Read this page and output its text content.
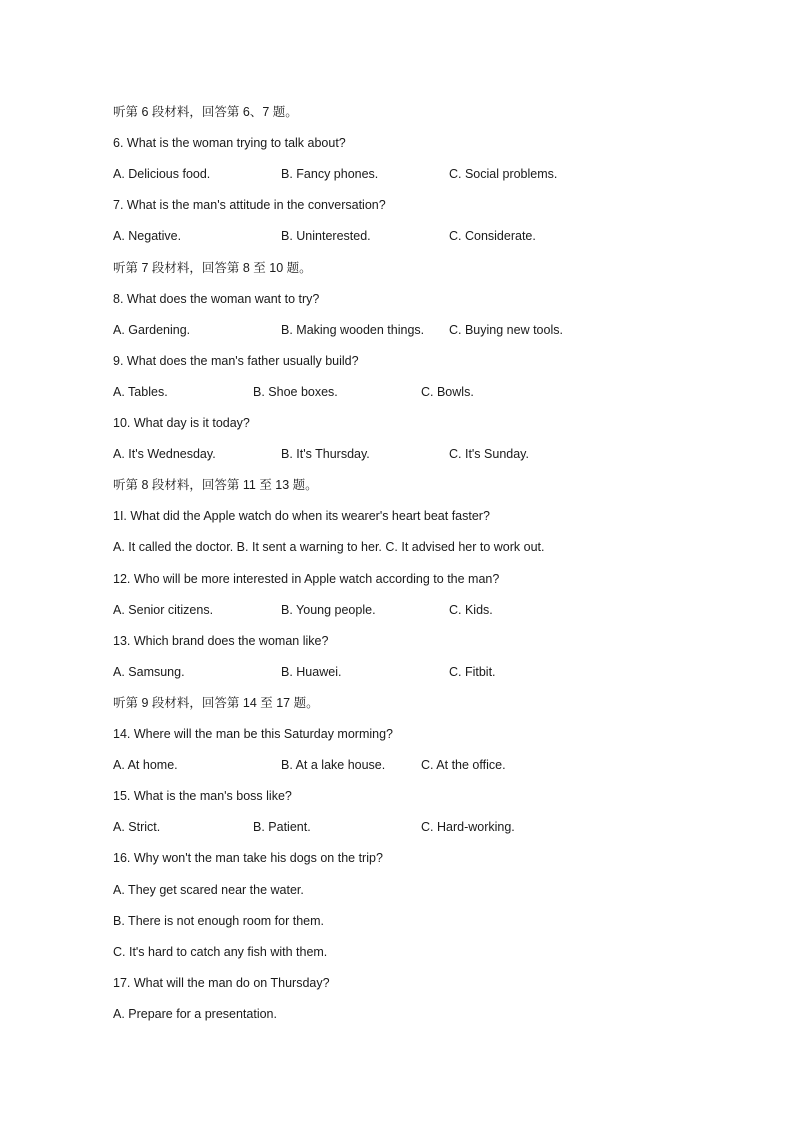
听第 6 段材料，回答第 6、7 题。
6. What is the woman trying to talk about?
A. Delicious food.	B. Fancy phones.	C. Social problems.
7. What is the man's attitude in the conversation?
A. Negative.	B. Uninterested.	C. Considerate.
听第 7 段材料，回答第 8 至 10 题。
8. What does the woman want to try?
A. Gardening.	B. Making wooden things. C. Buying new tools.
9. What does the man's father usually build?
A. Tables.	B. Shoe boxes.	C. Bowls.
10. What day is it today?
A. It's Wednesday.	B. It's Thursday.	C. It's Sunday.
听第 8 段材料，回答第 11 至 13 题。
1I. What did the Apple watch do when its wearer's heart beat faster?
A. It called the doctor. B. It sent a warning to her. C. It advised her to work out.
12. Who will be more interested in Apple watch according to the man?
A. Senior citizens.	B. Young people.	C. Kids.
13. Which brand does the woman like?
A. Samsung.	B. Huawei.	C. Fitbit.
听第 9 段材料，回答第 14 至 17 题。
14. Where will the man be this Saturday morming?
A. At home.	B. At a lake house.	C. At the office.
15. What is the man's boss like?
A. Strict.	B. Patient.	C. Hard-working.
16. Why won't the man take his dogs on the trip?
A. They get scared near the water.
B. There is not enough room for them.
C. It's hard to catch any fish with them.
17. What will the man do on Thursday?
A. Prepare for a presentation.
